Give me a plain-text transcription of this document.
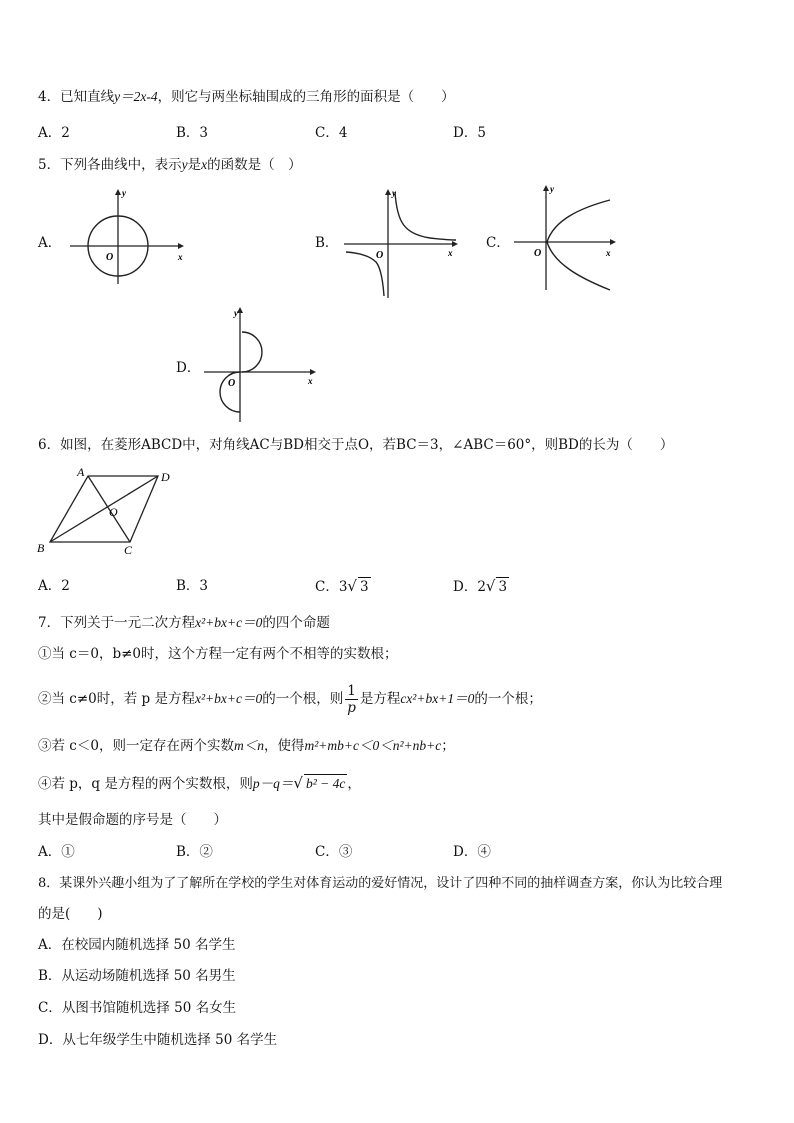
4．已知直线y＝2x-4，则它与两坐标轴围成的三角形的面积是（　　）
A．2	B．3	C．4	D．5
5．下列各曲线中，表示y是x的函数是（　）
A．	B．	C．
D．
y
x
O
y
x
O
y
x
O
y
x
O
6．如图，在菱形ABCD中，对角线AC与BD相交于点O，若BC＝3，∠ABC＝60°，则BD的长为（　　）
A	D
B	C
O
A．2	B．3	C．3√ 3	D．2√ 3
7．下列关于一元二次方程x²+bx+c＝0的四个命题
①当 c＝0，b≠0时，这个方程一定有两个不相等的实数根；
②当 c≠0时，若 p 是方程x²+bx+c＝0的一个根，则 $\frac{1}{p}$ 是方程cx²+bx+1＝0的一个根；
③若 c＜0，则一定存在两个实数m＜n，使得m²+mb+c＜0＜n²+nb+c；
④若 p，q 是方程的两个实数根，则p－q＝√ b² − 4c ，
其中是假命题的序号是（　　）
A．①	B．②	C．③	D．④
8．某课外兴趣小组为了了解所在学校的学生对体育运动的爱好情况，设计了四种不同的抽样调查方案，你认为比较合理
的是(　　)
A．在校园内随机选择 50 名学生
B．从运动场随机选择 50 名男生
C．从图书馆随机选择 50 名女生
D．从七年级学生中随机选择 50 名学生
